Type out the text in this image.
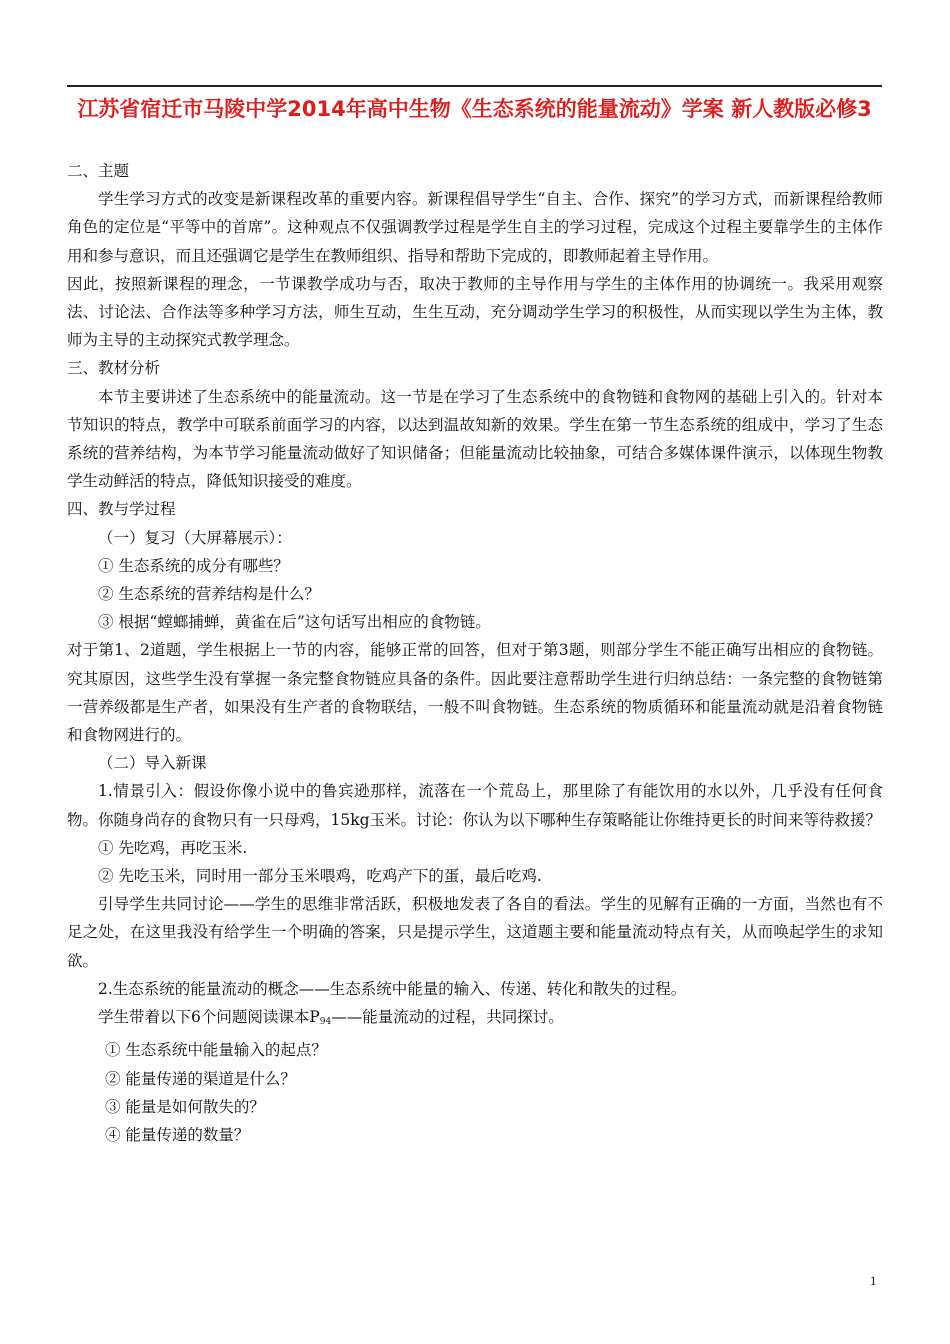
江苏省宿迁市马陵中学2014年高中生物《生态系统的能量流动》学案 新人教版必修3

二、主题

学生学习方式的改变是新课程改革的重要内容。新课程倡导学生“自主、合作、探究”的学习方式，而新课程给教师角色的定位是“平等中的首席”。这种观点不仅强调教学过程是学生自主的学习过程，完成这个过程主要靠学生的主体作用和参与意识，而且还强调它是学生在教师组织、指导和帮助下完成的，即教师起着主导作用。

因此，按照新课程的理念，一节课教学成功与否，取决于教师的主导作用与学生的主体作用的协调统一。我采用观察法、讨论法、合作法等多种学习方法，师生互动，生生互动，充分调动学生学习的积极性，从而实现以学生为主体，教师为主导的主动探究式教学理念。

三、教材分析

本节主要讲述了生态系统中的能量流动。这一节是在学习了生态系统中的食物链和食物网的基础上引入的。针对本节知识的特点，教学中可联系前面学习的内容，以达到温故知新的效果。学生在第一节生态系统的组成中，学习了生态系统的营养结构，为本节学习能量流动做好了知识储备；但能量流动比较抽象，可结合多媒体课件演示，以体现生物教学生动鲜活的特点，降低知识接受的难度。

四、教与学过程

（一）复习（大屏幕展示）：

① 生态系统的成分有哪些？

② 生态系统的营养结构是什么？

③ 根据“螳螂捕蝉，黄雀在后”这句话写出相应的食物链。

对于第1、2道题，学生根据上一节的内容，能够正常的回答，但对于第3题，则部分学生不能正确写出相应的食物链。究其原因，这些学生没有掌握一条完整食物链应具备的条件。因此要注意帮助学生进行归纳总结：一条完整的食物链第一营养级都是生产者，如果没有生产者的食物联结，一般不叫食物链。生态系统的物质循环和能量流动就是沿着食物链和食物网进行的。

（二）导入新课

1.情景引入：假设你像小说中的鲁宾逊那样，流落在一个荒岛上，那里除了有能饮用的水以外，几乎没有任何食物。你随身尚存的食物只有一只母鸡，15kg玉米。讨论：你认为以下哪种生存策略能让你维持更长的时间来等待救援？

① 先吃鸡，再吃玉米.

② 先吃玉米，同时用一部分玉米喂鸡，吃鸡产下的蛋，最后吃鸡.

引导学生共同讨论——学生的思维非常活跃，积极地发表了各自的看法。学生的见解有正确的一方面，当然也有不足之处，在这里我没有给学生一个明确的答案，只是提示学生，这道题主要和能量流动特点有关，从而唤起学生的求知欲。

2.生态系统的能量流动的概念——生态系统中能量的输入、传递、转化和散失的过程。

学生带着以下6个问题阅读课本$P_{94}——$能量流动的过程，共同探讨。

① 生态系统中能量输入的起点？

② 能量传递的渠道是什么？

③ 能量是如何散失的？

④ 能量传递的数量？

1
